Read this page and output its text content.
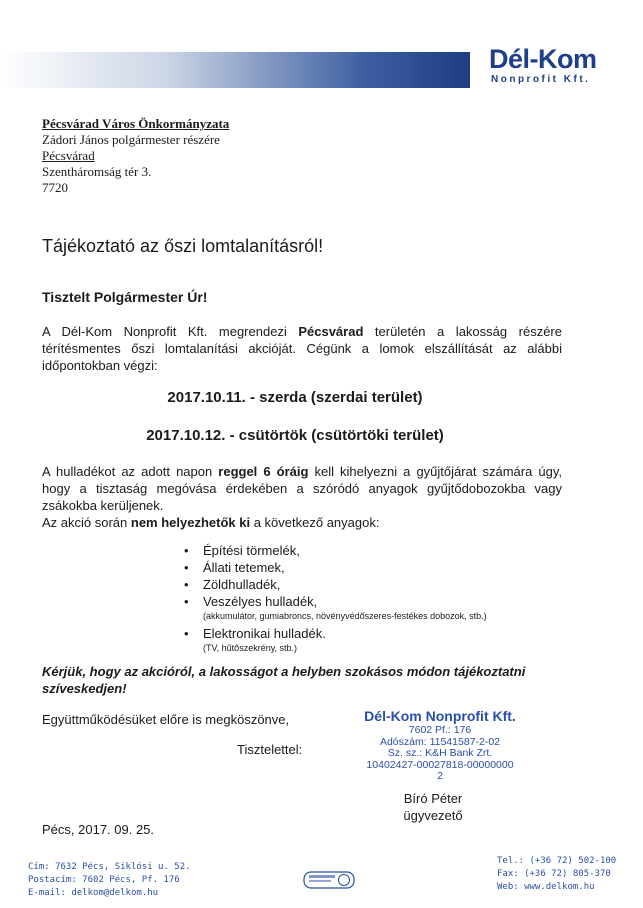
Dél-Kom
Nonprofit Kft.
Pécsvárad Város Önkormányzata
Zádori János polgármester részére
Pécsvárad
Szentháromság tér 3.
7720
Tájékoztató az őszi lomtalanításról!
Tisztelt Polgármester Úr!
A Dél-Kom Nonprofit Kft. megrendezi Pécsvárad területén a lakosság részére térítésmentes őszi lomtalanítási akcióját. Cégünk a lomok elszállítását az alábbi időpontokban végzi:
2017.10.11. - szerda (szerdai terület)
2017.10.12. - csütörtök (csütörtöki terület)
A hulladékot az adott napon reggel 6 óráig kell kihelyezni a gyűjtőjárat számára úgy, hogy a tisztaság megóvása érdekében a szóródó anyagok gyűjtődobozokba vagy zsákokba kerüljenek.
Az akció során nem helyezhetők ki a következő anyagok:
• Építési törmelék,
• Állati tetemek,
• Zöldhulladék,
• Veszélyes hulladék,
(akkumulátor, gumiabroncs, növényvédőszeres-festékes dobozok, stb.)
• Elektronikai hulladék.
(TV, hűtőszekrény, stb.)
Kérjük, hogy az akcióról, a lakosságot a helyben szokásos módon tájékoztatni szíveskedjen!
Együttműködésüket előre is megköszönve,
Tisztelettel:
Dél-Kom Nonprofit Kft.
7602 Pf.: 176
Adószám: 11541587-2-02
Sz. sz.: K&H Bank Zrt.
10402427-00027818-00000000
2
Bíró Péter
ügyvezető
Pécs, 2017. 09. 25.
Cím: 7632 Pécs, Siklósi u. 52.
Postacím: 7602 Pécs, Pf. 176
E-mail: delkom@delkom.hu
Tel.: (+36 72) 502-100
Fax: (+36 72) 805-370
Web: www.delkom.hu
